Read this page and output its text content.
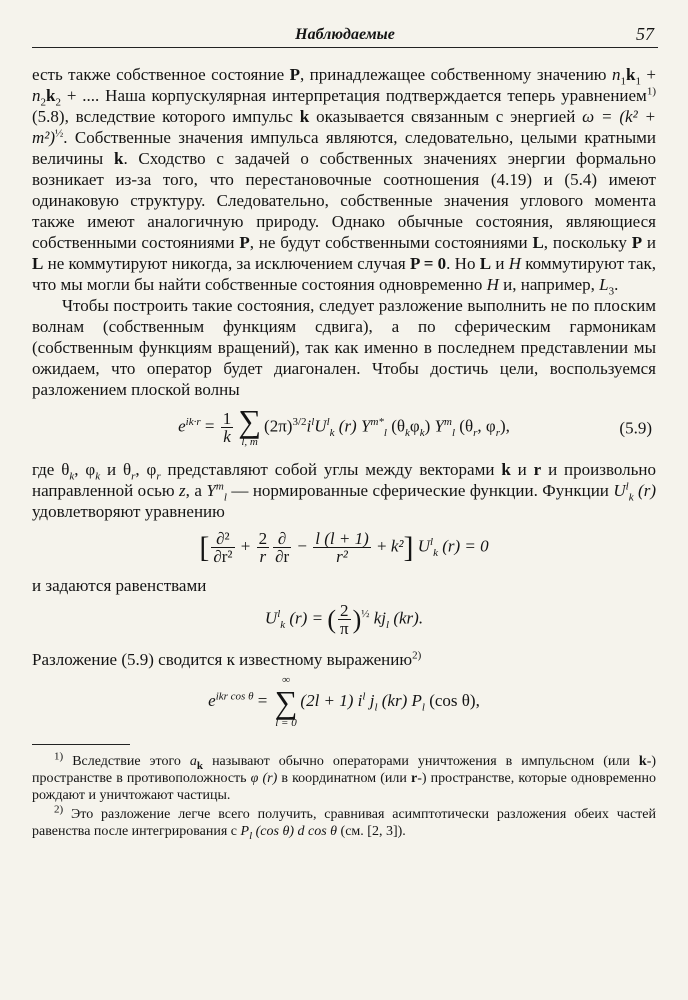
Наблюдаемые	57

есть также собственное состояние P, принадлежащее собственному значению $n_1k_1 + n_2k_2$ + .... Наша корпускулярная интерпретация подтверждается теперь уравнением$^{1)}$ (5.8), вследствие которого импульс k оказывается связанным с энергией $\omega = (k^2 + m^2)^{\frac{1}{2}}$. Собственные значения импульса являются, следовательно, целыми кратными величины k. Сходство с задачей о собственных значениях энергии формально возникает из-за того, что перестановочные соотношения (4.19) и (5.4) имеют одинаковую структуру. Следовательно, собственные значения углового момента также имеют аналогичную природу. Однако обычные состояния, являющиеся собственными состояниями P, не будут собственными состояниями L, поскольку P и L не коммутируют никогда, за исключением случая P = 0. Но L и H коммутируют так, что мы могли бы найти собственные состояния одновременно H и, например, $L_3$.

Чтобы построить такие состояния, следует разложение выполнить не по плоским волнам (собственным функциям сдвига), а по сферическим гармоникам (собственным функциям вращений), так как именно в последнем представлении мы ожидаем, что оператор будет диагонален. Чтобы достичь цели, воспользуемся разложением плоской волны

$e^{ik\cdot r} = \frac{1}{k}$ ∑
l, m
$(2\pi)^{3/2}i^lU^l_k$ (r) $Y^{m*}_l$ $(\theta_k\varphi_k)$ $Y^m_l$ ($\theta_r$, $\varphi_r$),	(5.9)

где $\theta_k$, $\varphi_k$ и $\theta_r$, $\varphi_r$ представляют собой углы между векторами k и r и произвольно направленной осью z, а $Y^m_l$ — нормированные сферические функции. Функции $U^l_k$ (r) удовлетворяют уравнению

[ $\frac{\text{∂²}}{\text{∂r²}} + \frac{2}{r} \frac{\partial}{\partial r} - \frac{l (l + 1)}{\text{r²}} + k^2$] $U^l_k$ (r) = 0

и задаются равенствами

$U^l_k$ (r) = ( $\frac{2}{\pi} )^{\frac{1}{2}}$ $kj_l$ (kr).

Разложение (5.9) сводится к известному выражению$^{2)}$

$e^{ikr cos \theta}$ =
∞
∑
l = 0
(2l + 1) $i^l$ $j_l$ (kr) $P_l$ (cos θ),

$^{1)}$ Вследствие этого $a_k$ называют обычно операторами уничтожения в импульсном (или k-) пространстве в противоположность φ (r) в координатном (или r-) пространстве, которые одновременно рождают и уничтожают частицы.

$^{2)}$ Это разложение легче всего получить, сравнивая асимптотически разложения обеих частей равенства после интегрирования с $P_l$ (cos θ) d cos θ (см. [2, 3]).
